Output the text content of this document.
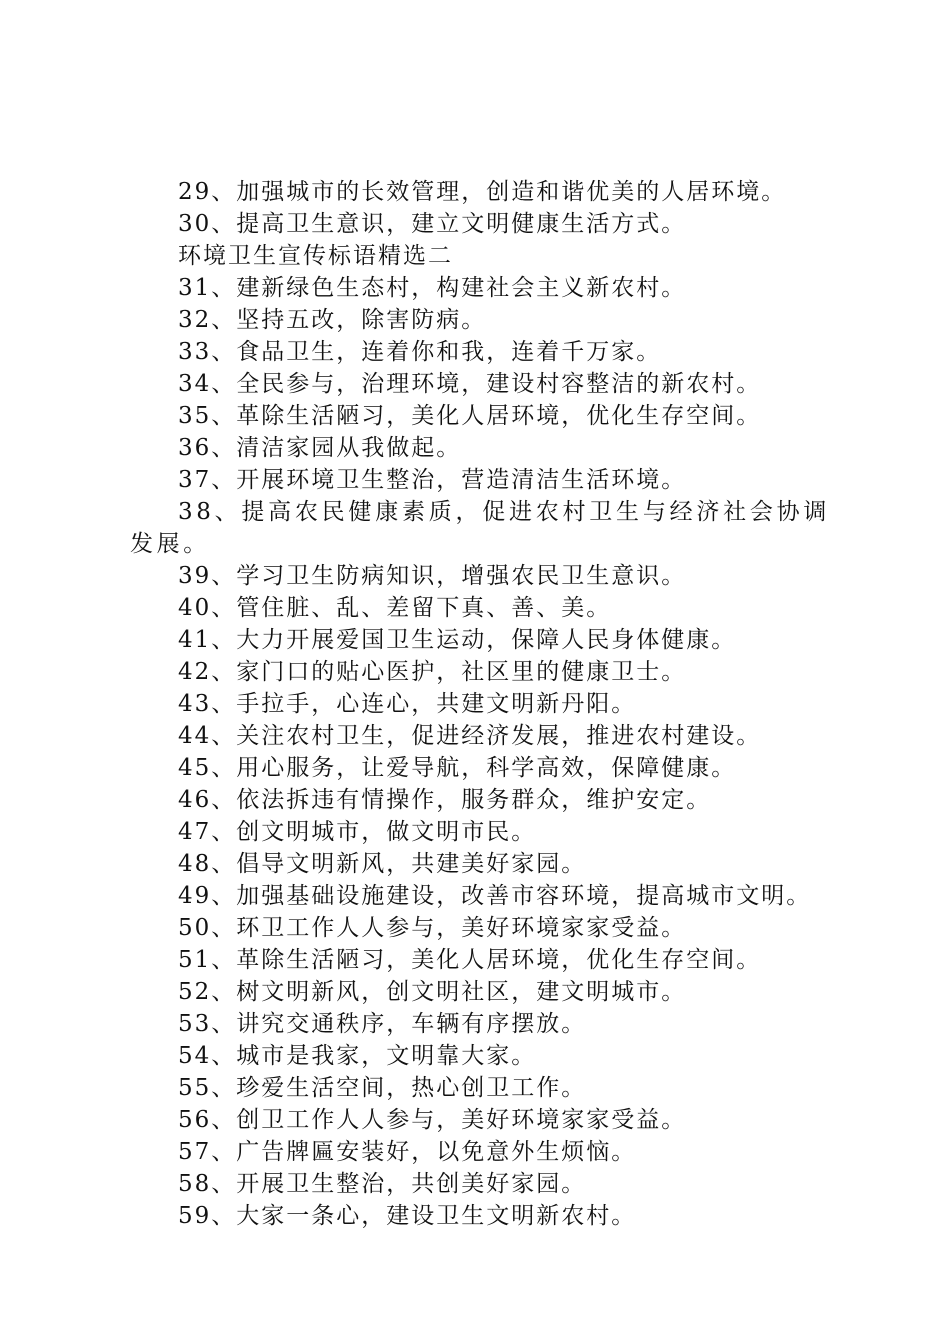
29、加强城市的长效管理，创造和谐优美的人居环境。
30、提高卫生意识，建立文明健康生活方式。
环境卫生宣传标语精选二
31、建新绿色生态村，构建社会主义新农村。
32、坚持五改，除害防病。
33、食品卫生，连着你和我，连着千万家。
34、全民参与，治理环境，建设村容整洁的新农村。
35、革除生活陋习，美化人居环境，优化生存空间。
36、清洁家园从我做起。
37、开展环境卫生整治，营造清洁生活环境。
38、提高农民健康素质，促进农村卫生与经济社会协调发展。
39、学习卫生防病知识，增强农民卫生意识。
40、管住脏、乱、差留下真、善、美。
41、大力开展爱国卫生运动，保障人民身体健康。
42、家门口的贴心医护，社区里的健康卫士。
43、手拉手，心连心，共建文明新丹阳。
44、关注农村卫生，促进经济发展，推进农村建设。
45、用心服务，让爱导航，科学高效，保障健康。
46、依法拆违有情操作，服务群众，维护安定。
47、创文明城市，做文明市民。
48、倡导文明新风，共建美好家园。
49、加强基础设施建设，改善市容环境，提高城市文明。
50、环卫工作人人参与，美好环境家家受益。
51、革除生活陋习，美化人居环境，优化生存空间。
52、树文明新风，创文明社区，建文明城市。
53、讲究交通秩序，车辆有序摆放。
54、城市是我家，文明靠大家。
55、珍爱生活空间，热心创卫工作。
56、创卫工作人人参与，美好环境家家受益。
57、广告牌匾安装好，以免意外生烦恼。
58、开展卫生整治，共创美好家园。
59、大家一条心，建设卫生文明新农村。
